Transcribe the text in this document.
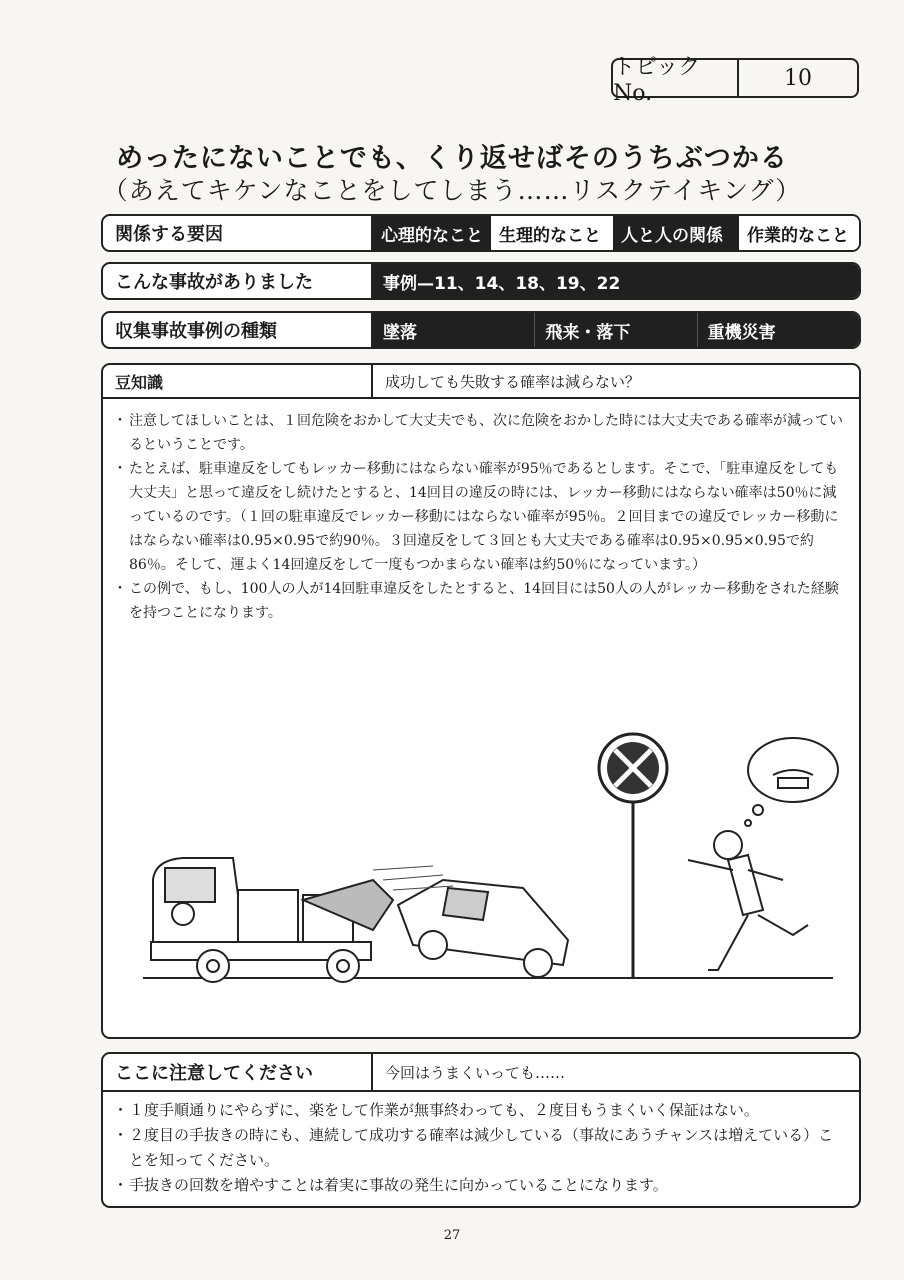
トピックNo.
10
めったにないことでも、くり返せばそのうちぶつかる
（あえてキケンなことをしてしまう……リスクテイキング）
関係する要因	心理的なこと 生理的なこと	人と人の関係	作業的なこと
こんな事故がありました	事例—11、14、18、19、22
収集事故事例の種類	墜落	飛来・落下	重機災害
豆知識	成功しても失敗する確率は減らない？
・ 注意してほしいことは、１回危険をおかして大丈夫でも、次に危険をおかした時には大丈夫である確率が減っているということです。
・ たとえば、駐車違反をしてもレッカー移動にはならない確率が95％であるとします。そこで、「駐車違反をしても大丈夫」と思って違反をし続けたとすると、14回目の違反の時には、レッカー移動にはならない確率は50％に減っているのです。（１回の駐車違反でレッカー移動にはならない確率が95％。２回目までの違反でレッカー移動にはならない確率は0.95×0.95で約90％。３回違反をして３回とも大丈夫である確率は0.95×0.95×0.95で約86％。そして、運よく14回違反をして一度もつかまらない確率は約50％になっています。）
・ この例で、もし、100人の人が14回駐車違反をしたとすると、14回目には50人の人がレッカー移動をされた経験を持つことになります。
ここに注意してください	今回はうまくいっても……
・ １度手順通りにやらずに、楽をして作業が無事終わっても、２度目もうまくいく保証はない。
・ ２度目の手抜きの時にも、連続して成功する確率は減少している（事故にあうチャンスは増えている）ことを知ってください。
・ 手抜きの回数を増やすことは着実に事故の発生に向かっていることになります。
27
